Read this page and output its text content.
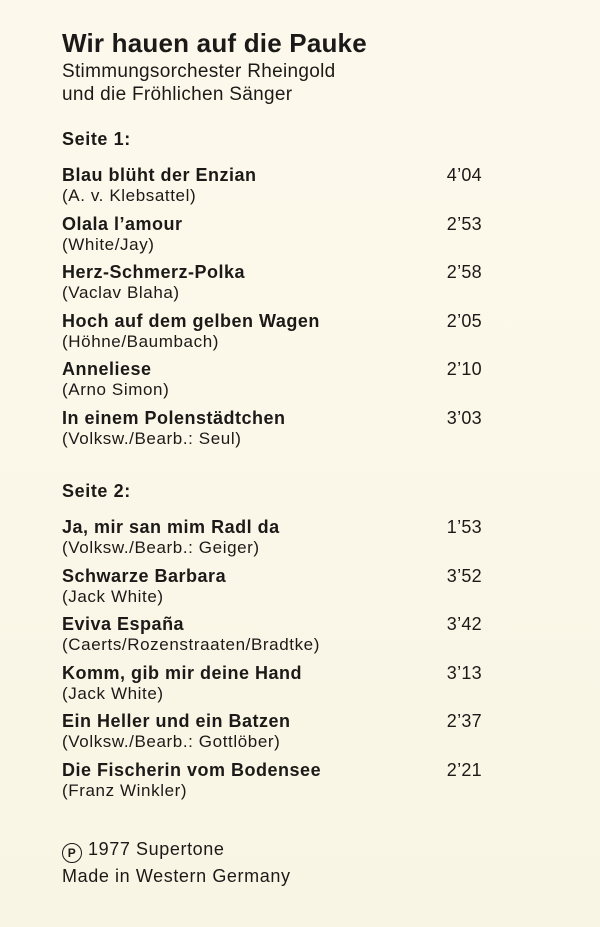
Wir hauen auf die Pauke

Stimmungsorchester Rheingold

und die Fröhlichen Sänger

Seite 1:
Blau blüht der Enzian	4’04
(A. v. Klebsattel)
Olala l’amour	2’53
(White/Jay)
Herz-Schmerz-Polka	2’58
(Vaclav Blaha)
Hoch auf dem gelben Wagen	2’05
(Höhne/Baumbach)
Anneliese	2’10
(Arno Simon)
In einem Polenstädtchen	3’03
(Volksw./Bearb.: Seul)
Seite 2:
Ja, mir san mim Radl da	1’53
(Volksw./Bearb.: Geiger)
Schwarze Barbara	3’52
(Jack White)
Eviva España	3’42
(Caerts/Rozenstraaten/Bradtke)
Komm, gib mir deine Hand	3’13
(Jack White)
Ein Heller und ein Batzen	2’37
(Volksw./Bearb.: Gottlöber)
Die Fischerin vom Bodensee	2’21
(Franz Winkler)

P 1977 Supertone

Made in Western Germany
